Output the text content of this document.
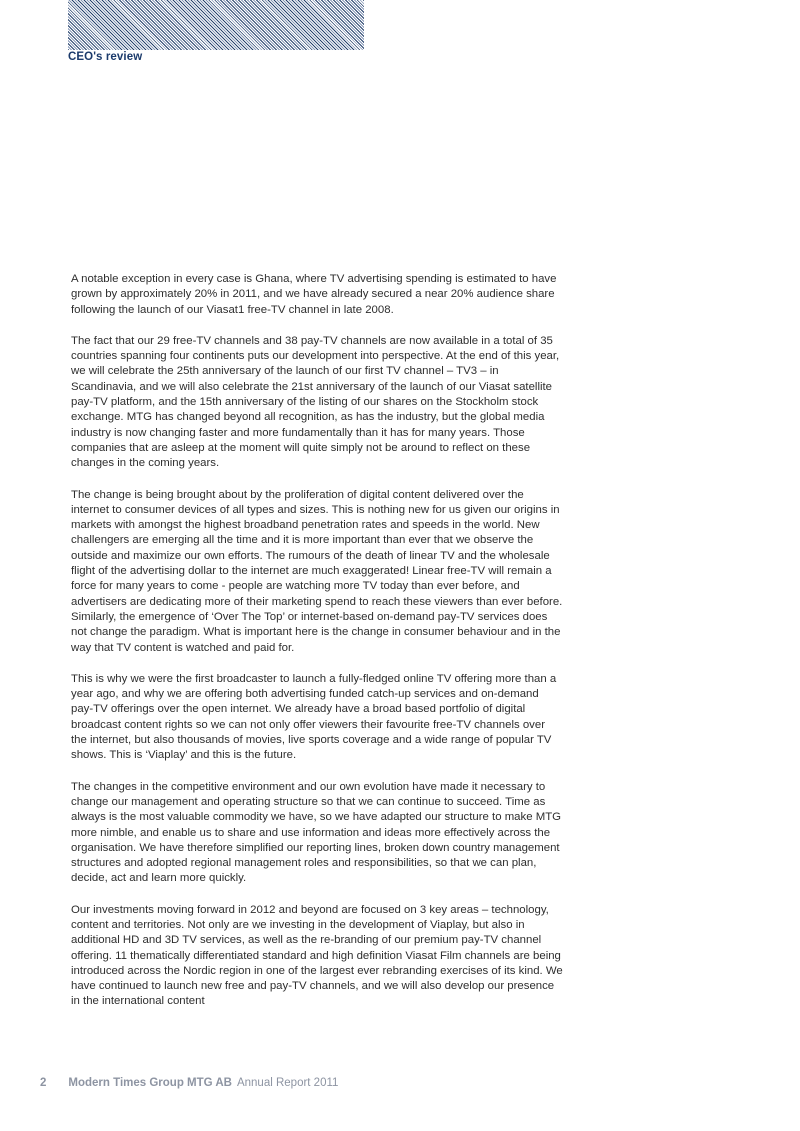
CEO's review

A notable exception in every case is Ghana, where TV advertising spending is estimated to have grown by approximately 20% in 2011, and we have already secured a near 20% audience share following the launch of our Viasat1 free-TV channel in late 2008.

The fact that our 29 free-TV channels and 38 pay-TV channels are now available in a total of 35 countries spanning four continents puts our development into perspective. At the end of this year, we will celebrate the 25th anniversary of the launch of our first TV channel – TV3 – in Scandinavia, and we will also celebrate the 21st anniversary of the launch of our Viasat satellite pay-TV platform, and the 15th anniversary of the listing of our shares on the Stockholm stock exchange. MTG has changed beyond all recognition, as has the industry, but the global media industry is now changing faster and more fundamentally than it has for many years. Those companies that are asleep at the moment will quite simply not be around to reflect on these changes in the coming years.

The change is being brought about by the proliferation of digital content delivered over the internet to consumer devices of all types and sizes. This is nothing new for us given our origins in markets with amongst the highest broadband penetration rates and speeds in the world. New challengers are emerging all the time and it is more important than ever that we observe the outside and maximize our own efforts. The rumours of the death of linear TV and the wholesale flight of the advertising dollar to the internet are much exaggerated! Linear free-TV will remain a force for many years to come - people are watching more TV today than ever before, and advertisers are dedicating more of their marketing spend to reach these viewers than ever before. Similarly, the emergence of ‘Over The Top’ or internet-based on-demand pay-TV services does not change the paradigm. What is important here is the change in consumer behaviour and in the way that TV content is watched and paid for.

This is why we were the first broadcaster to launch a fully-fledged online TV offering more than a year ago, and why we are offering both advertising funded catch-up services and on-demand pay-TV offerings over the open internet. We already have a broad based portfolio of digital broadcast content rights so we can not only offer viewers their favourite free-TV channels over the internet, but also thousands of movies, live sports coverage and a wide range of popular TV shows. This is ‘Viaplay’ and this is the future.

The changes in the competitive environment and our own evolution have made it necessary to change our management and operating structure so that we can continue to succeed. Time as always is the most valuable commodity we have, so we have adapted our structure to make MTG more nimble, and enable us to share and use information and ideas more effectively across the organisation. We have therefore simplified our reporting lines, broken down country management structures and adopted regional management roles and responsibilities, so that we can plan, decide, act and learn more quickly.

Our investments moving forward in 2012 and beyond are focused on 3 key areas – technology, content and territories. Not only are we investing in the development of Viaplay, but also in additional HD and 3D TV services, as well as the re-branding of our premium pay-TV channel offering. 11 thematically differentiated standard and high definition Viasat Film channels are being introduced across the Nordic region in one of the largest ever rebranding exercises of its kind. We have continued to launch new free and pay-TV channels, and we will also develop our presence in the international content

2 Modern Times Group MTG AB Annual Report 2011
